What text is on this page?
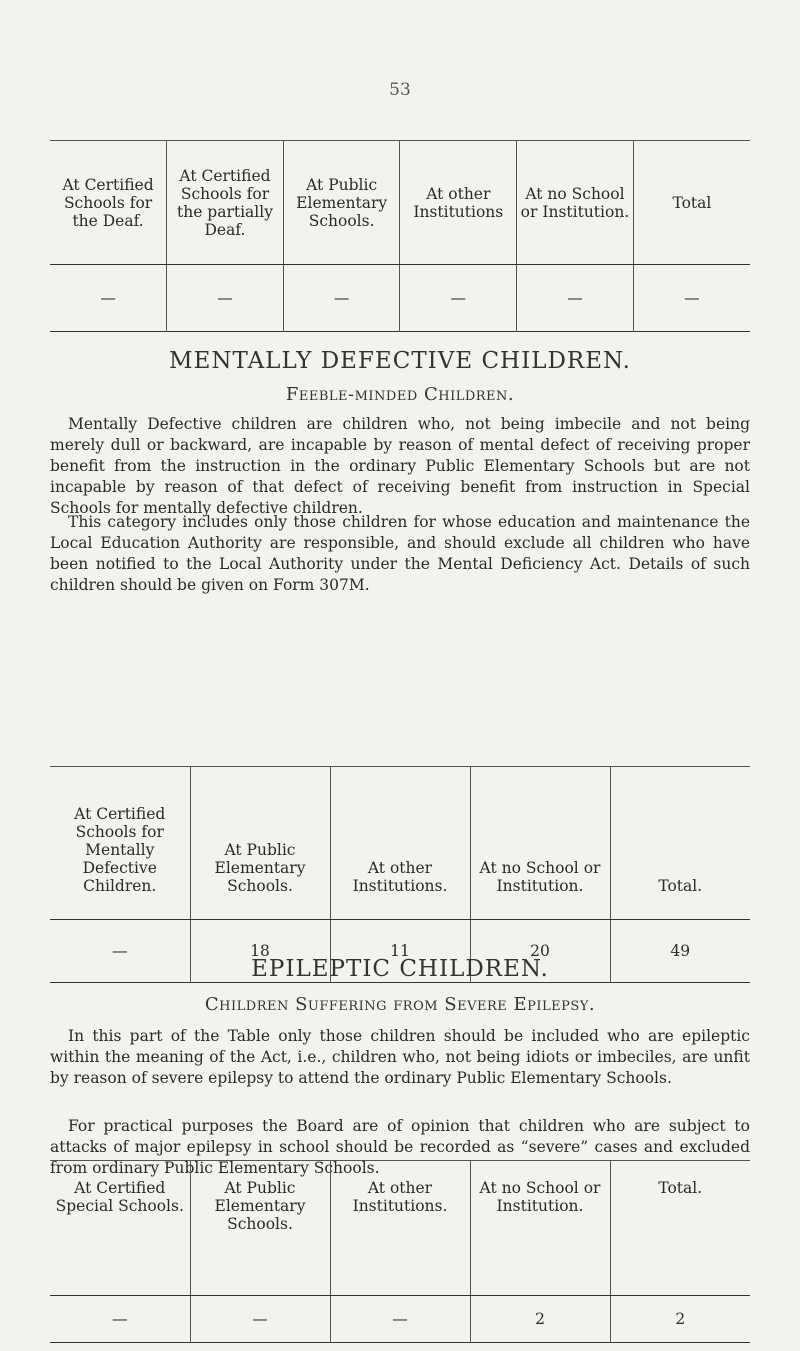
53
At Certified Schools for the Deaf.	At Certified Schools for the partially Deaf.	At Public Elementary Schools.	At other Institutions	At no School or Institution.	Total
—	—	—	—	—	—
MENTALLY DEFECTIVE CHILDREN.
Feeble-minded Children.

Mentally Defective children are children who, not being imbecile and not being merely dull or backward, are incapable by reason of mental defect of receiving proper benefit from the instruction in the ordinary Public Elementary Schools but are not incapable by reason of that defect of receiving benefit from instruction in Special Schools for mentally defective children.

This category includes only those children for whose education and maintenance the Local Education Authority are responsible, and should exclude all children who have been notified to the Local Authority under the Mental Deficiency Act. Details of such children should be given on Form 307M.

At Certified Schools for Mentally Defective Children.	At Public Elementary Schools.	At other Institutions.	At no School or Institution.	Total.
—	18	11	20	49
EPILEPTIC CHILDREN.
Children Suffering from Severe Epilepsy.

In this part of the Table only those children should be included who are epileptic within the meaning of the Act, i.e., children who, not being idiots or imbeciles, are unfit by reason of severe epilepsy to attend the ordinary Public Elementary Schools.

For practical purposes the Board are of opinion that children who are subject to attacks of major epilepsy in school should be recorded as “severe” cases and excluded from ordinary Public Elementary Schools.

At Certified Special Schools.	At Public Elementary Schools.	At other Institutions.	At no School or Institution.	Total.
—	—	—	2	2
